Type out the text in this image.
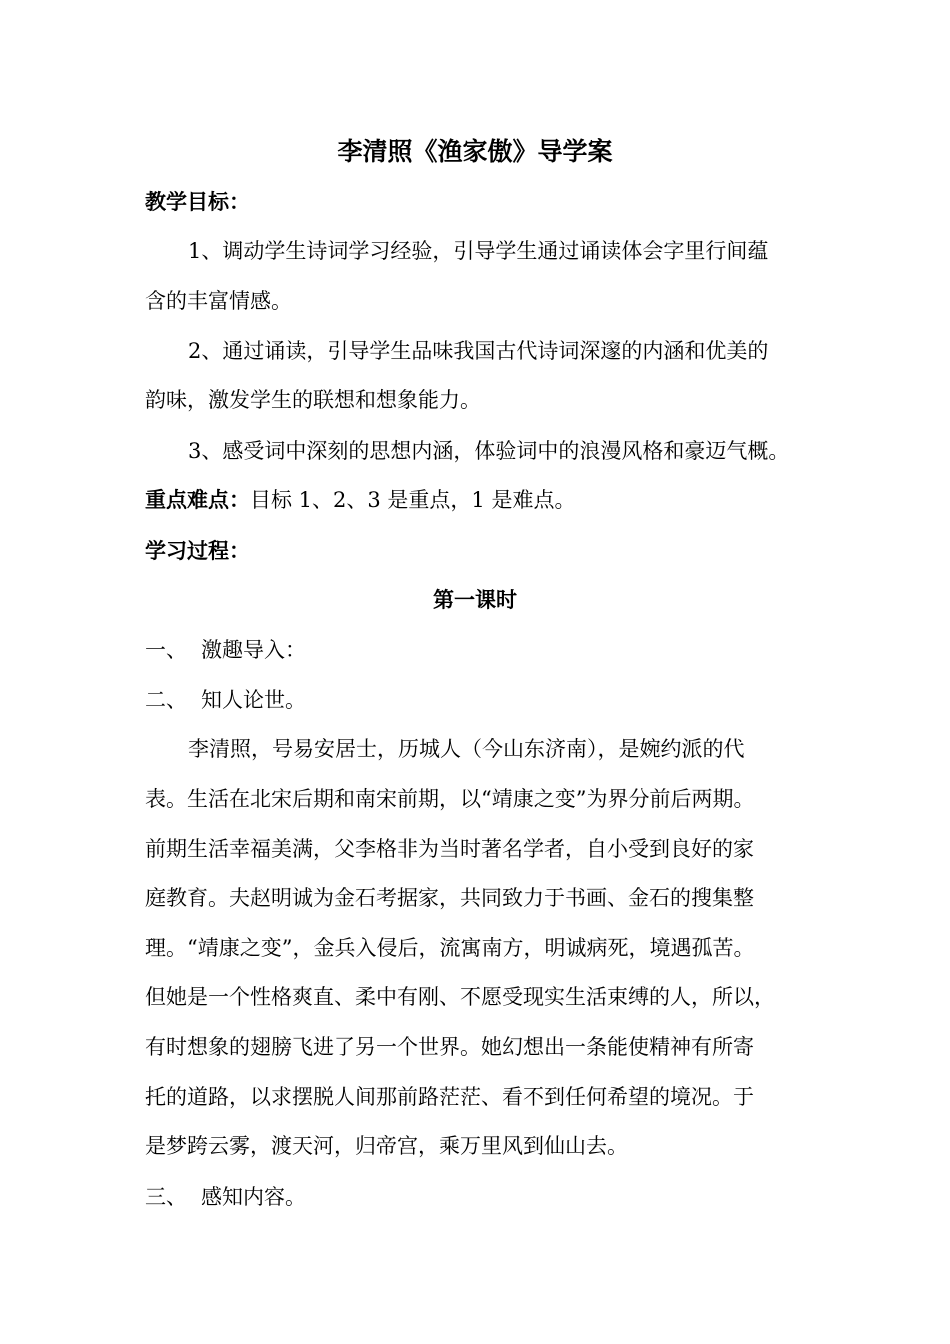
李清照《渔家傲》导学案
教学目标：
1、调动学生诗词学习经验，引导学生通过诵读体会字里行间蕴
含的丰富情感。
2、通过诵读，引导学生品味我国古代诗词深邃的内涵和优美的
韵味，激发学生的联想和想象能力。
3、感受词中深刻的思想内涵，体验词中的浪漫风格和豪迈气概。
重点难点：目标 1、2、3 是重点，1 是难点。
学习过程：
第一课时
一、 激趣导入：
二、 知人论世。
李清照，号易安居士，历城人（今山东济南），是婉约派的代
表。生活在北宋后期和南宋前期，以“靖康之变”为界分前后两期。
前期生活幸福美满，父李格非为当时著名学者，自小受到良好的家
庭教育。夫赵明诚为金石考据家，共同致力于书画、金石的搜集整
理。“靖康之变”，金兵入侵后，流寓南方，明诚病死，境遇孤苦。
但她是一个性格爽直、柔中有刚、不愿受现实生活束缚的人，所以，
有时想象的翅膀飞进了另一个世界。她幻想出一条能使精神有所寄
托的道路，以求摆脱人间那前路茫茫、看不到任何希望的境况。于
是梦跨云雾，渡天河，归帝宫，乘万里风到仙山去。
三、 感知内容。
